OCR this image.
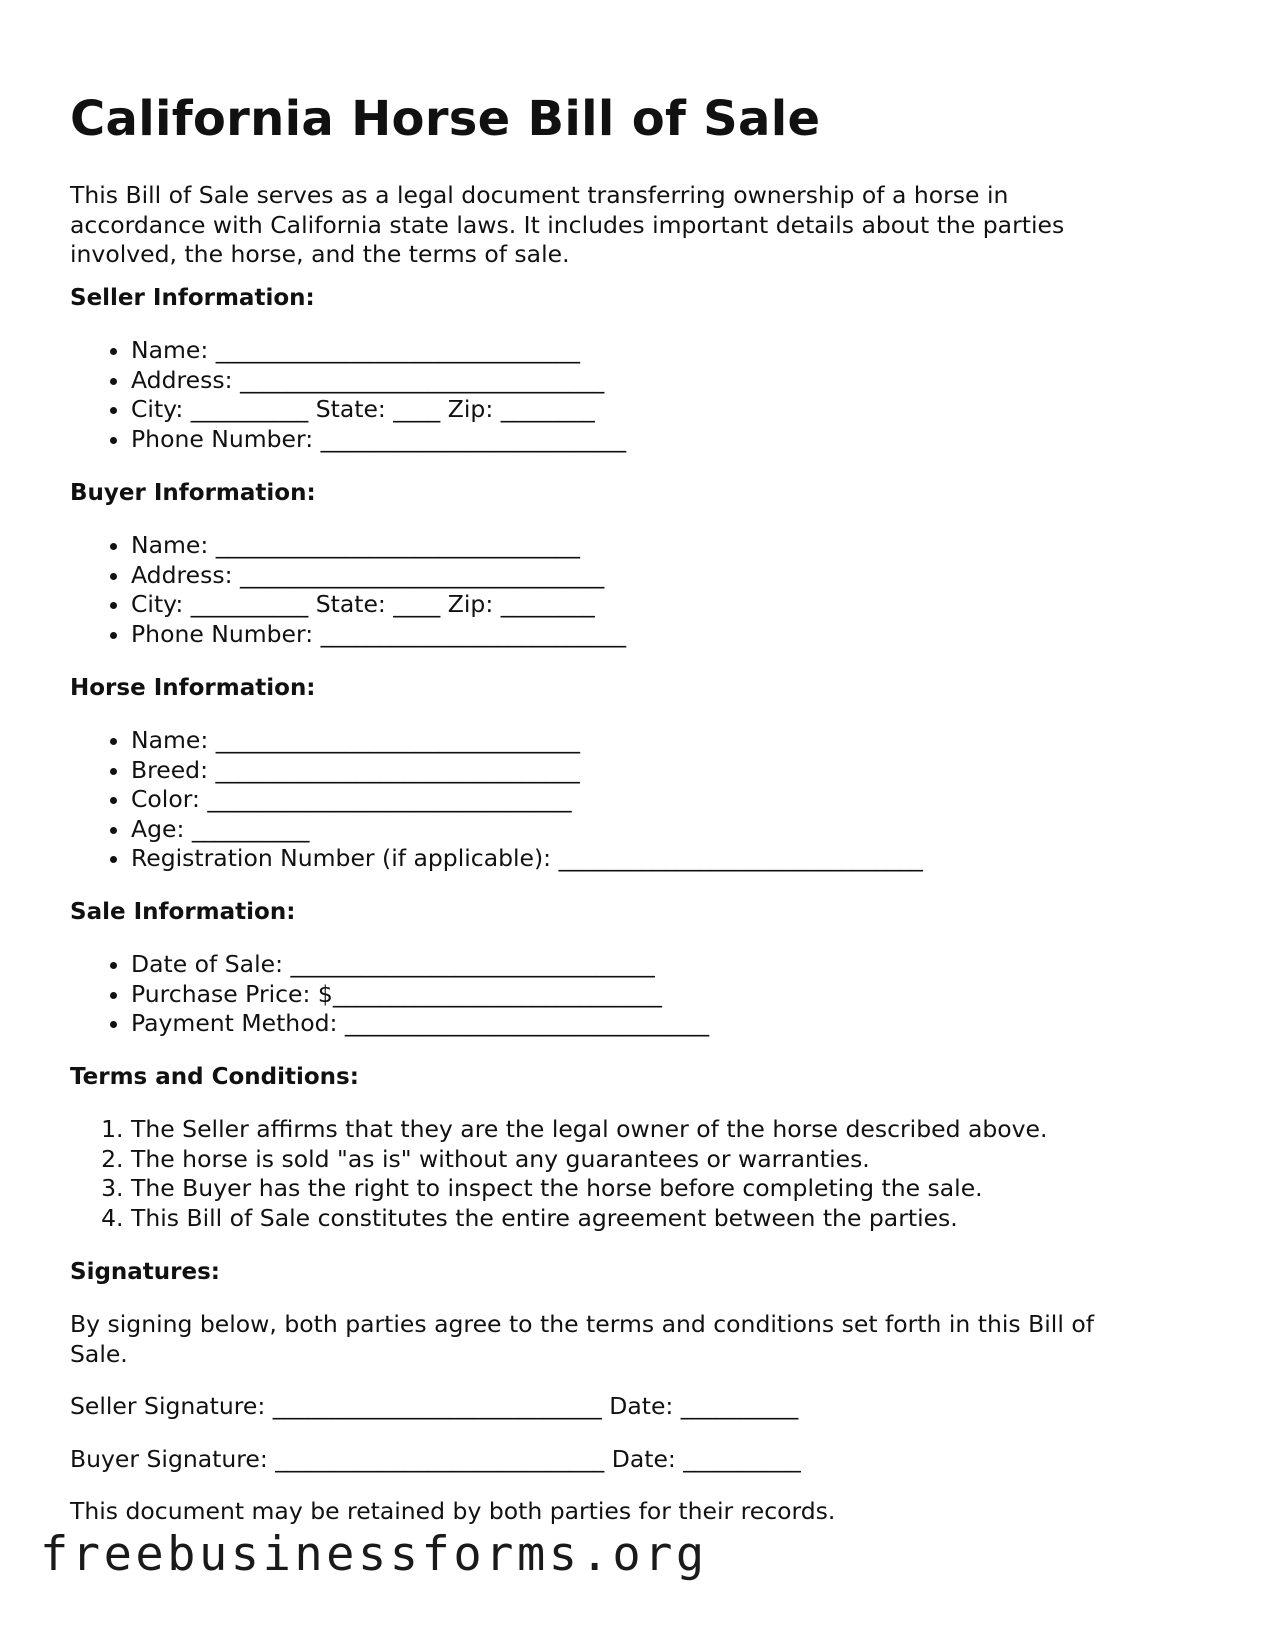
California Horse Bill of Sale

This Bill of Sale serves as a legal document transferring ownership of a horse in accordance with California state laws. It includes important details about the parties involved, the horse, and the terms of sale.

Seller Information:

• Name: _______________________________
• Address: _______________________________
• City: __________ State: ____ Zip: ________
• Phone Number: __________________________

Buyer Information:

• Name: _______________________________
• Address: _______________________________
• City: __________ State: ____ Zip: ________
• Phone Number: __________________________

Horse Information:

• Name: _______________________________
• Breed: _______________________________
• Color: _______________________________
• Age: __________
• Registration Number (if applicable): _______________________________

Sale Information:

• Date of Sale: _______________________________
• Purchase Price: $____________________________
• Payment Method: _______________________________

Terms and Conditions:

1. The Seller affirms that they are the legal owner of the horse described above.
2. The horse is sold "as is" without any guarantees or warranties.
3. The Buyer has the right to inspect the horse before completing the sale.
4. This Bill of Sale constitutes the entire agreement between the parties.

Signatures:

By signing below, both parties agree to the terms and conditions set forth in this Bill of Sale.

Seller Signature: ____________________________ Date: __________

Buyer Signature: ____________________________ Date: __________

This document may be retained by both parties for their records.

freebusinessforms.org
